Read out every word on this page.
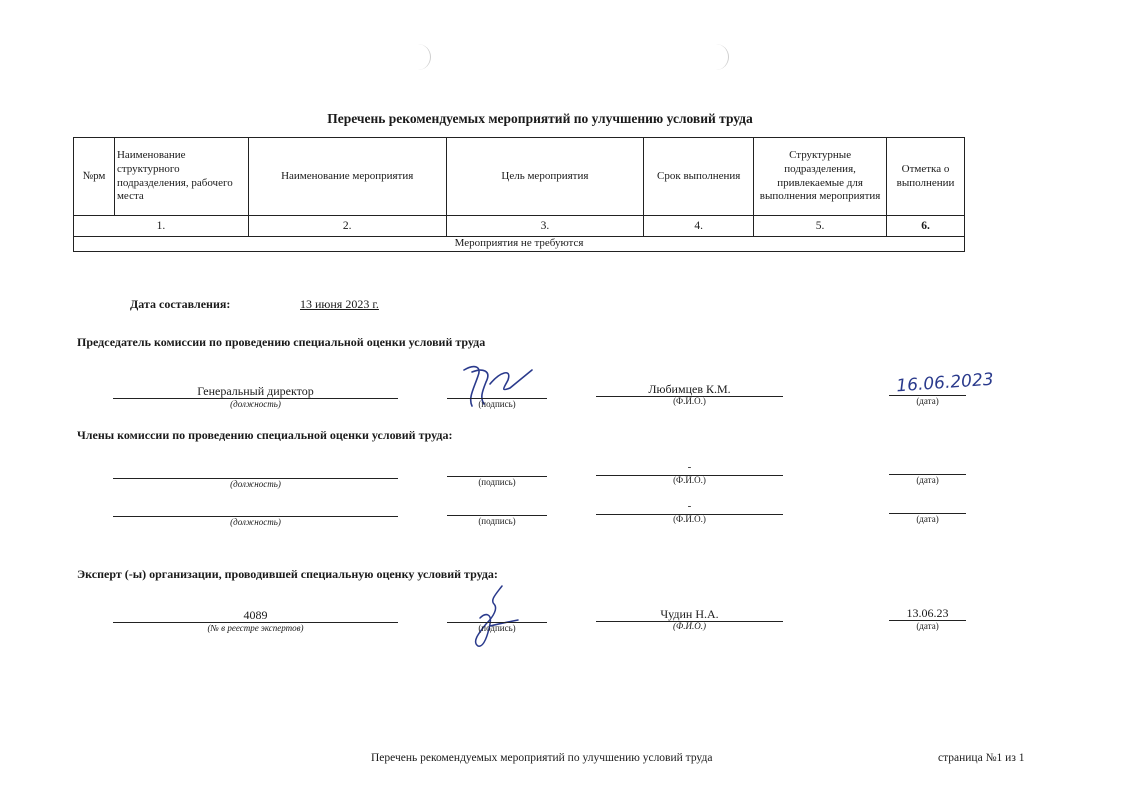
Перечень рекомендуемых мероприятий по улучшению условий труда
№рм	Наименование структурного подразделения, рабочего места	Наименование мероприятия	Цель мероприятия	Срок выполнения	Структурные подразделения, привлекаемые для выполнения мероприятия	Отметка о выполнении
1.		2.	3.	4.	5.	6.
Мероприятия не требуются						
Дата составления:	13 июня 2023 г.
Председатель комиссии по проведению специальной оценки условий труда
Генеральный директор
(должность)	(подпись)
Любимцев К.М.
(Ф.И.О.)
16.06.2023
(дата)
Члены комиссии по проведению специальной оценки условий труда:
(должность)	(подпись)
-
(Ф.И.О.)	(дата)
(должность)	(подпись)
-
(Ф.И.О.)	(дата)
Эксперт (-ы) организации, проводившей специальную оценку условий труда:
4089
(№ в реестре экспертов)	(подпись)
Чудин Н.А.
(Ф.И.О.)
13.06.23
(дата)
Перечень рекомендуемых мероприятий по улучшению условий труда	страница №1 из 1
